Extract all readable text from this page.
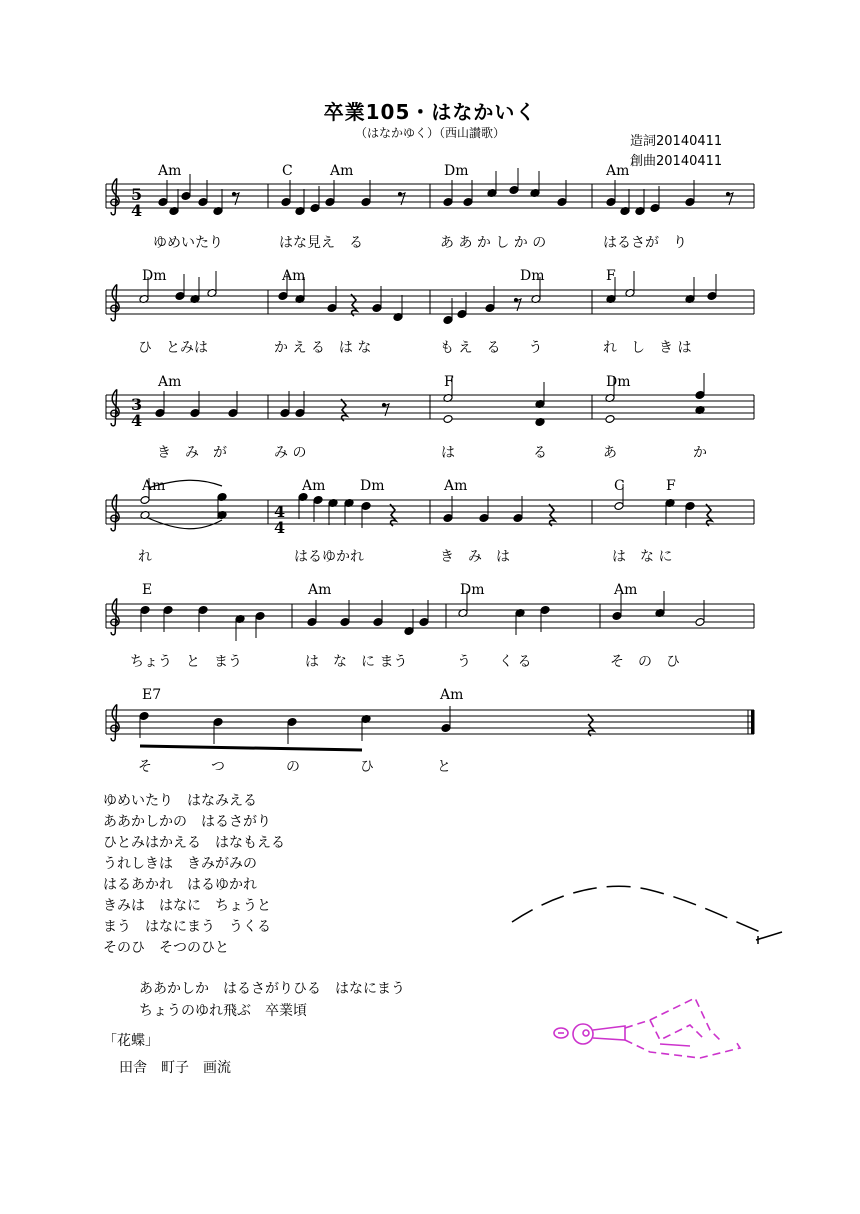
卒業105・はなかいく
（はなかゆく）（西山讃歌）
造詞20140411
創曲20140411
5
4
3
4
4
4
Am	C	Am	Dm	Am
Dm	Am	Dm	F
Am	F	Dm
Am	Am Dm	Am	C	F
E	Am	Dm	Am
E7	Am
ゆめいたり	はな見え　る	あ あ か し か の	はるさが　り
ひ　とみは	か え る　は な	も え　る　　う	れ　し　き は
き　み　が	み の	は	る	あ	か
れ	はるゆかれ	き　み　は	は　な に
ちょう　と　まう	は　な　に まう	う　　く る	そ　の　ひ
そ	つ	の	ひ	と
ゆめいたり　はなみえる
ああかしかの　はるさがり
ひとみはかえる　はなもえる
うれしきは　きみがみの
はるあかれ　はるゆかれ
きみは　はなに　ちょうと
まう　はなにまう　うくる
そのひ　そつのひと
ああかしか　はるさがりひる　はなにまう
ちょうのゆれ飛ぶ　卒業頃
「花蝶」
田舎　町子　画流
